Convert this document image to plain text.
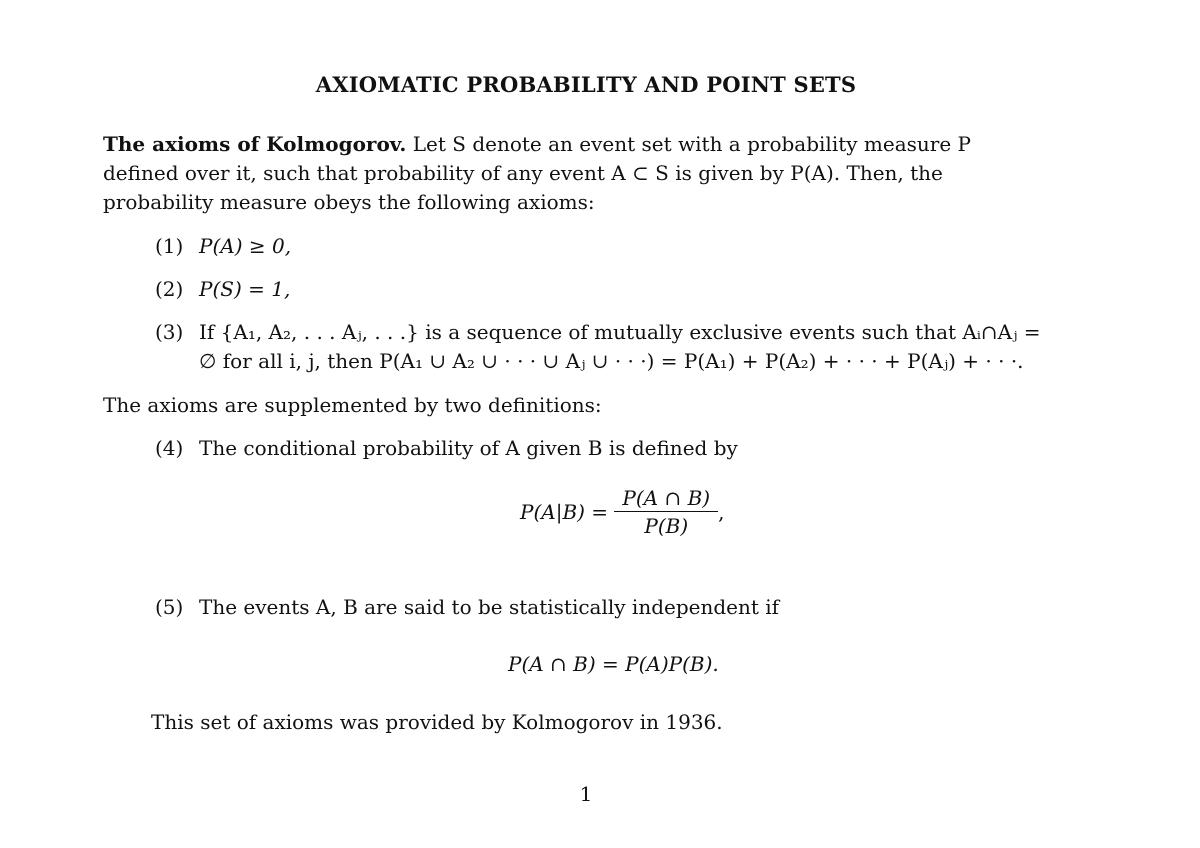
AXIOMATIC PROBABILITY AND POINT SETS
The axioms of Kolmogorov. Let S denote an event set with a probability measure P
defined over it, such that probability of any event A ⊂ S is given by P(A). Then, the
probability measure obeys the following axioms:
(1) P(A) ≥ 0,
(2) P(S) = 1,
(3) If {A₁, A₂, . . . Aⱼ, . . .} is a sequence of mutually exclusive events such that Aᵢ∩Aⱼ =
∅ for all i, j, then P(A₁ ∪ A₂ ∪ · · · ∪ Aⱼ ∪ · · ·) = P(A₁) + P(A₂) + · · · + P(Aⱼ) + · · ·.
The axioms are supplemented by two definitions:
(4) The conditional probability of A given B is defined by
$P(A|B) = \frac{P(A \cap B)}{P(B)}$ ,
(5) The events A, B are said to be statistically independent if
P(A ∩ B) = P(A)P(B).
This set of axioms was provided by Kolmogorov in 1936.
1
